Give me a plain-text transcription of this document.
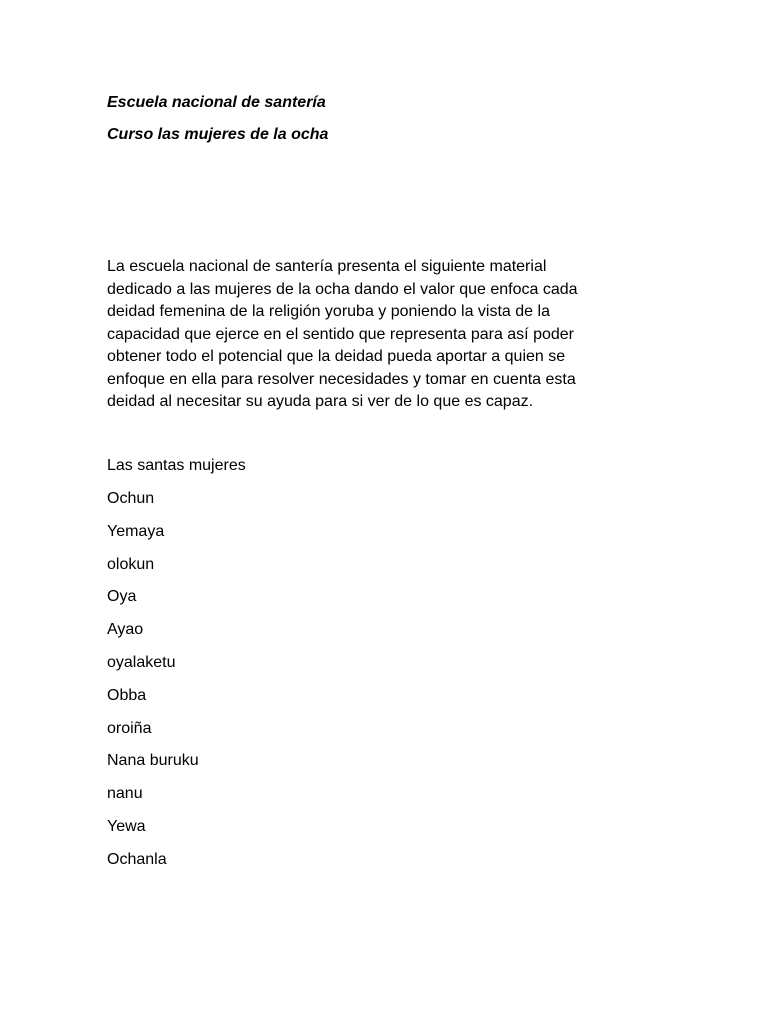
Escuela nacional de santería

Curso las mujeres de la ocha

La escuela nacional de santería presenta el siguiente material
dedicado a las mujeres de la ocha dando el valor que enfoca cada
deidad femenina de la religión yoruba y poniendo la vista de la
capacidad que ejerce en el sentido que representa para así poder
obtener todo el potencial que la deidad pueda aportar a quien se
enfoque en ella para resolver necesidades y tomar en cuenta esta
deidad al necesitar su ayuda para si ver de lo que es capaz.

Las santas mujeres

Ochun
Yemaya
olokun
Oya
Ayao
oyalaketu
Obba
oroiña
Nana buruku
nanu
Yewa
Ochanla
